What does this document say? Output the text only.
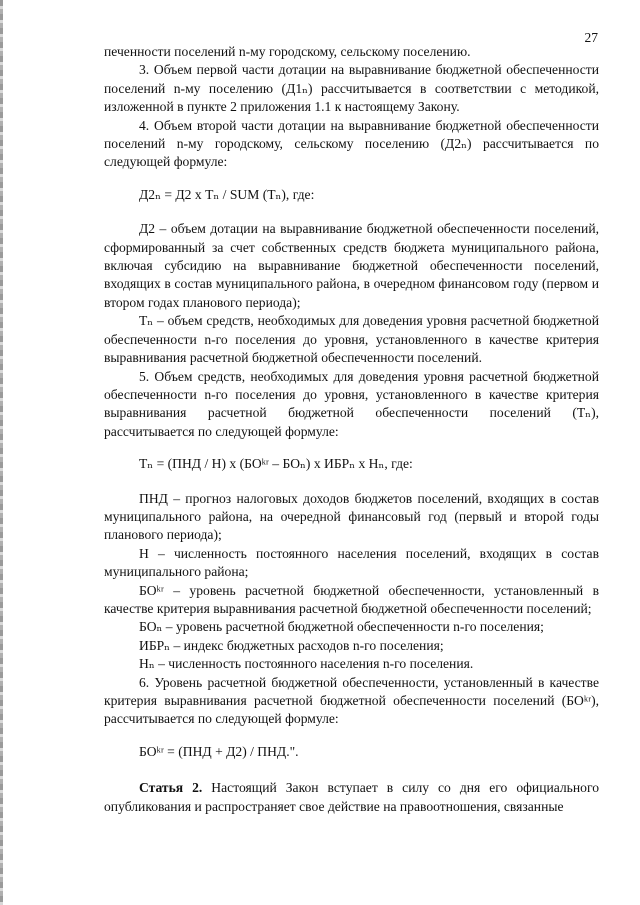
27

печенности поселений n-му городскому, сельскому поселению.

3. Объем первой части дотации на выравнивание бюджетной обеспеченности поселений n-му поселению (Д1ₙ) рассчитывается в соответствии с методикой, изложенной в пункте 2 приложения 1.1 к настоящему Закону.

4. Объем второй части дотации на выравнивание бюджетной обеспеченности поселений n-му городскому, сельскому поселению (Д2ₙ) рассчитывается по следующей формуле:

Д2ₙ = Д2 х Тₙ / SUM (Тₙ), где:

Д2 – объем дотации на выравнивание бюджетной обеспеченности поселений, сформированный за счет собственных средств бюджета муниципального района, включая субсидию на выравнивание бюджетной обеспеченности поселений, входящих в состав муниципального района, в очередном финансовом году (первом и втором годах планового периода);

Тₙ – объем средств, необходимых для доведения уровня расчетной бюджетной обеспеченности n-го поселения до уровня, установленного в качестве критерия выравнивания расчетной бюджетной обеспеченности поселений.

5. Объем средств, необходимых для доведения уровня расчетной бюджетной обеспеченности n-го поселения до уровня, установленного в качестве критерия выравнивания расчетной бюджетной обеспеченности поселений (Тₙ), рассчитывается по следующей формуле:

Тₙ = (ПНД / Н) х (БОᵏʳ – БОₙ) х ИБРₙ х Нₙ, где:

ПНД – прогноз налоговых доходов бюджетов поселений, входящих в состав муниципального района, на очередной финансовый год (первый и второй годы планового периода);

Н – численность постоянного населения поселений, входящих в состав муниципального района;

БОᵏʳ – уровень расчетной бюджетной обеспеченности, установленный в качестве критерия выравнивания расчетной бюджетной обеспеченности поселений;

БОₙ – уровень расчетной бюджетной обеспеченности n-го поселения;

ИБРₙ – индекс бюджетных расходов n-го поселения;

Нₙ – численность постоянного населения n-го поселения.

6. Уровень расчетной бюджетной обеспеченности, установленный в качестве критерия выравнивания расчетной бюджетной обеспеченности поселений (БОᵏʳ), рассчитывается по следующей формуле:

БОᵏʳ = (ПНД + Д2) / ПНД.".

Статья 2. Настоящий Закон вступает в силу со дня его официального опубликования и распространяет свое действие на правоотношения, связанные
